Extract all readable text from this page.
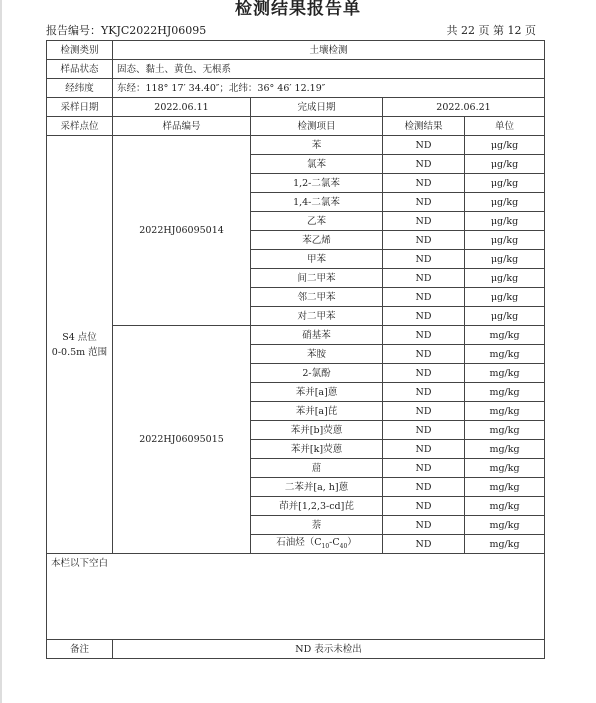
检测结果报告单
报告编号：YKJC2022HJ06095	共 22 页 第 12 页
检测类别	土壤检测			
样品状态	固态、黏土、黄色、无根系			
经纬度	东经：118° 17′ 34.40″；北纬：36° 46′ 12.19″			
采样日期	2022.06.11	完成日期	2022.06.21	
采样点位	样品编号	检测项目	检测结果	单位

S4 点位
0-0.5m 范围	2022HJ06095014	苯	ND	μg/kg
		氯苯	ND	μg/kg
		1,2-二氯苯	ND	μg/kg
		1,4-二氯苯	ND	μg/kg
		乙苯	ND	μg/kg
		苯乙烯	ND	μg/kg
		甲苯	ND	μg/kg
		间二甲苯	ND	μg/kg
		邻二甲苯	ND	μg/kg
		对二甲苯	ND	μg/kg
	2022HJ06095015	硝基苯	ND	mg/kg
		苯胺	ND	mg/kg
		2-氯酚	ND	mg/kg
		苯并[a]蒽	ND	mg/kg
		苯并[a]芘	ND	mg/kg
		苯并[b]荧蒽	ND	mg/kg
		苯并[k]荧蒽	ND	mg/kg
		䓛	ND	mg/kg
		二苯并[a, h]蒽	ND	mg/kg
		茚并[1,2,3-cd]芘	ND	mg/kg
		萘	ND	mg/kg
		石油烃$(C_{10}-C_{40})$	ND	mg/kg
本栏以下空白				
备注	ND 表示未检出			
